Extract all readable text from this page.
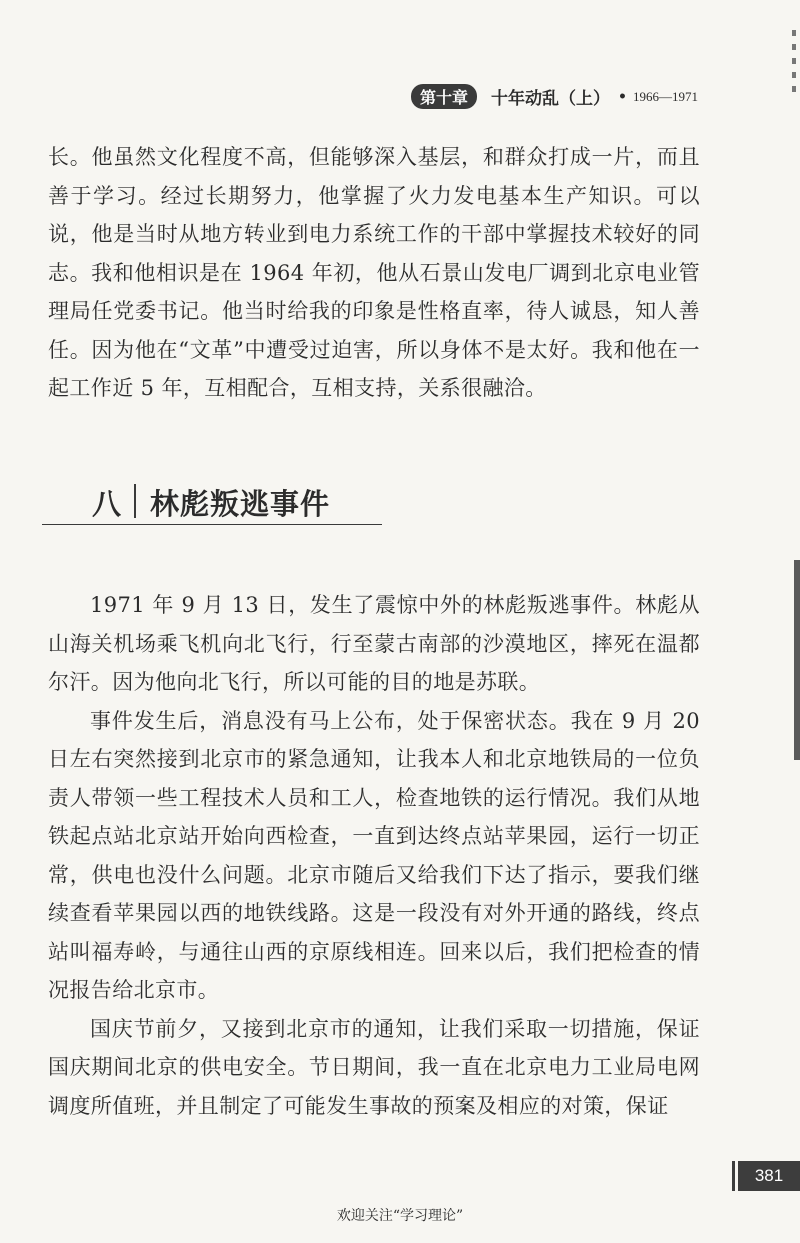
第十章	十年动乱（上） • 1966—1971

长。他虽然文化程度不高，但能够深入基层，和群众打成一片，而且善于学习。经过长期努力，他掌握了火力发电基本生产知识。可以说，他是当时从地方转业到电力系统工作的干部中掌握技术较好的同志。我和他相识是在 1964 年初，他从石景山发电厂调到北京电业管理局任党委书记。他当时给我的印象是性格直率，待人诚恳，知人善任。因为他在“文革”中遭受过迫害，所以身体不是太好。我和他在一起工作近 5 年，互相配合，互相支持，关系很融洽。

八 林彪叛逃事件

1971 年 9 月 13 日，发生了震惊中外的林彪叛逃事件。林彪从山海关机场乘飞机向北飞行，行至蒙古南部的沙漠地区，摔死在温都尔汗。因为他向北飞行，所以可能的目的地是苏联。

事件发生后，消息没有马上公布，处于保密状态。我在 9 月 20 日左右突然接到北京市的紧急通知，让我本人和北京地铁局的一位负责人带领一些工程技术人员和工人，检查地铁的运行情况。我们从地铁起点站北京站开始向西检查，一直到达终点站苹果园，运行一切正常，供电也没什么问题。北京市随后又给我们下达了指示，要我们继续查看苹果园以西的地铁线路。这是一段没有对外开通的路线，终点站叫福寿岭，与通往山西的京原线相连。回来以后，我们把检查的情况报告给北京市。

国庆节前夕，又接到北京市的通知，让我们采取一切措施，保证国庆期间北京的供电安全。节日期间，我一直在北京电力工业局电网调度所值班，并且制定了可能发生事故的预案及相应的对策，保证

381
欢迎关注“学习理论”
